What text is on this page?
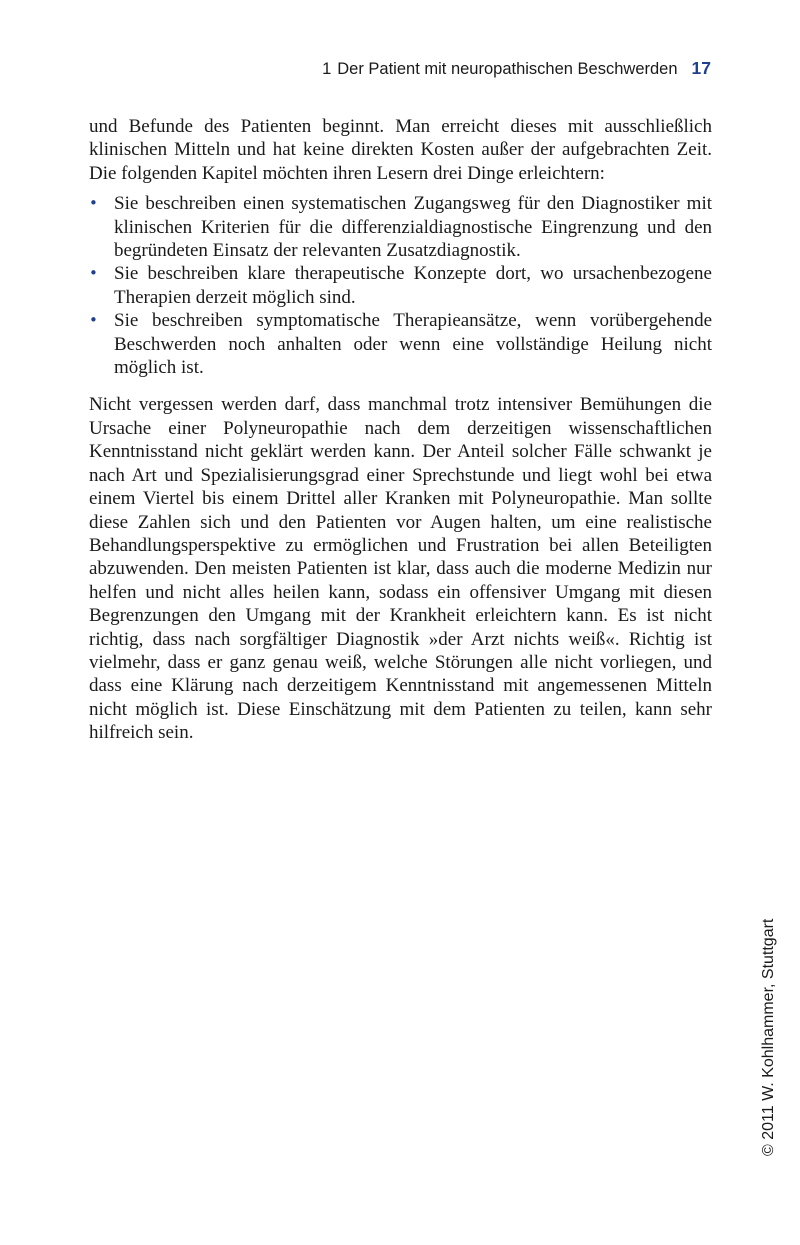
1 Der Patient mit neuropathischen Beschwerden 17

und Befunde des Patienten beginnt. Man erreicht dieses mit ausschließlich klinischen Mitteln und hat keine direkten Kosten außer der aufgebrachten Zeit. Die folgenden Kapitel möchten ihren Lesern drei Dinge erleichtern:

• Sie beschreiben einen systematischen Zugangsweg für den Diagnostiker mit klinischen Kriterien für die differenzialdiagnostische Eingrenzung und den begründeten Einsatz der relevanten Zusatzdiagnostik.
• Sie beschreiben klare therapeutische Konzepte dort, wo ursachenbezogene Therapien derzeit möglich sind.
• Sie beschreiben symptomatische Therapieansätze, wenn vorübergehende Beschwerden noch anhalten oder wenn eine vollständige Heilung nicht möglich ist.

Nicht vergessen werden darf, dass manchmal trotz intensiver Bemühungen die Ursache einer Polyneuropathie nach dem derzeitigen wissenschaftlichen Kenntnisstand nicht geklärt werden kann. Der Anteil solcher Fälle schwankt je nach Art und Spezialisierungsgrad einer Sprechstunde und liegt wohl bei etwa einem Viertel bis einem Drittel aller Kranken mit Polyneuropathie. Man sollte diese Zahlen sich und den Patienten vor Augen halten, um eine realistische Behandlungsperspektive zu ermöglichen und Frustration bei allen Beteiligten abzuwenden. Den meisten Patienten ist klar, dass auch die moderne Medizin nur helfen und nicht alles heilen kann, sodass ein offensiver Umgang mit diesen Begrenzungen den Umgang mit der Krankheit erleichtern kann. Es ist nicht richtig, dass nach sorgfältiger Diagnostik »der Arzt nichts weiß«. Richtig ist vielmehr, dass er ganz genau weiß, welche Störungen alle nicht vorliegen, und dass eine Klärung nach derzeitigem Kenntnisstand mit angemessenen Mitteln nicht möglich ist. Diese Einschätzung mit dem Patienten zu teilen, kann sehr hilfreich sein.

© 2011 W. Kohlhammer, Stuttgart
